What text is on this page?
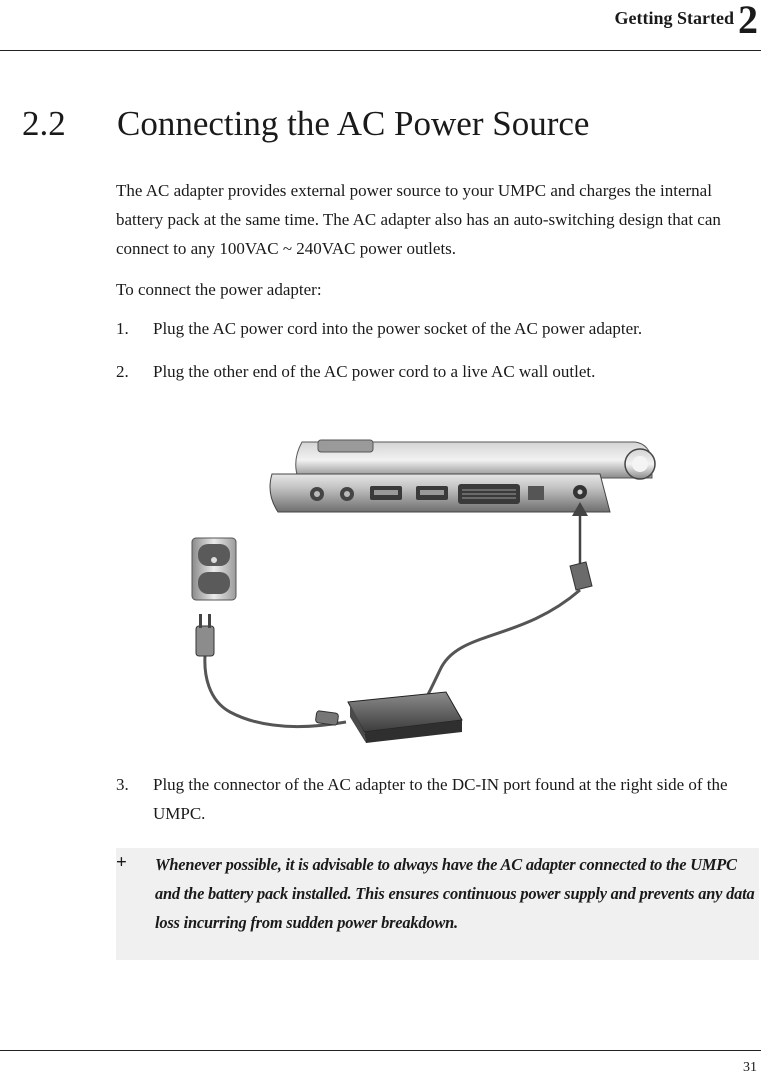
Getting Started 2
2.2 Connecting the AC Power Source

The AC adapter provides external power source to your UMPC and charges the internal battery pack at the same time. The AC adapter also has an auto-switching design that can connect to any 100VAC ~ 240VAC power outlets.

To connect the power adapter:

1. Plug the AC power cord into the power socket of the AC power adapter.
2. Plug the other end of the AC power cord to a live AC wall outlet.
3. Plug the connector of the AC adapter to the DC-IN port found at the right side of the UMPC.
+ Whenever possible, it is advisable to always have the AC adapter connected to the UMPC and the battery pack installed. This ensures continuous power supply and prevents any data loss incurring from sudden power breakdown.
31
